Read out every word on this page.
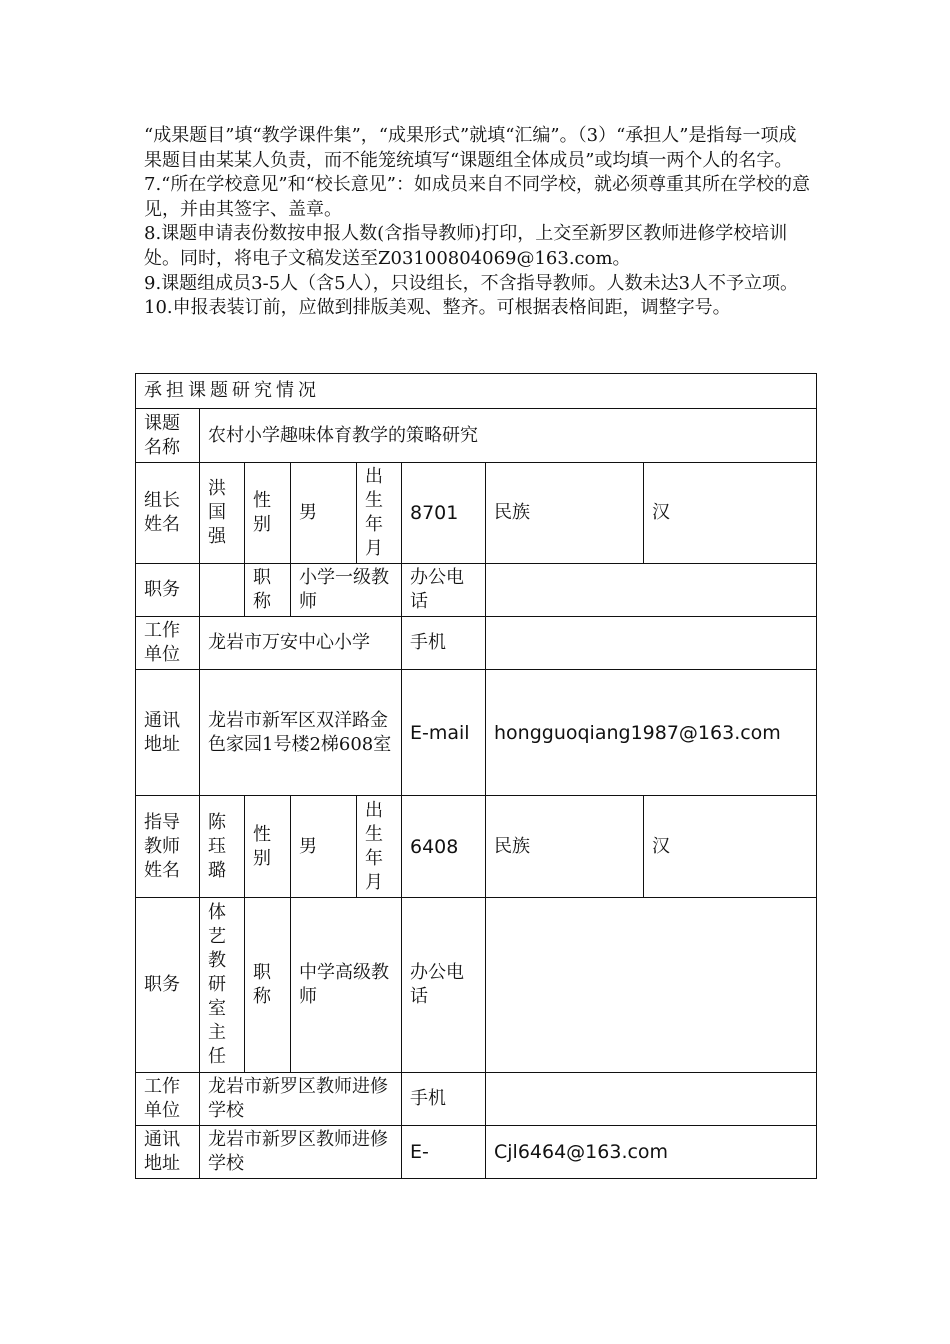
“成果题目”填“教学课件集”，“成果形式”就填“汇编”。（3）“承担人”是指每一项成果题目由某某人负责，而不能笼统填写“课题组全体成员”或均填一两个人的名字。

7.“所在学校意见”和“校长意见”：如成员来自不同学校，就必须尊重其所在学校的意见，并由其签字、盖章。

8.课题申请表份数按申报人数(含指导教师)打印，上交至新罗区教师进修学校培训处。同时，将电子文稿发送至Z03100804069@163.com。

9.课题组成员3-5人（含5人），只设组长，不含指导教师。人数未达3人不予立项。

10.申报表装订前，应做到排版美观、整齐。可根据表格间距，调整字号。

承担课题研究情况							
课题名称	农村小学趣味体育教学的策略研究						
组长姓名	洪国强	性别	男	出生年月	8701	民族	汉
职务		职称	小学一级教师		办公电话		
工作单位	龙岩市万安中心小学				手机		
通讯地址	龙岩市新军区双洋路金色家园1号楼2梯608室				E-mail	hongguoqiang1987@163.com	
指导教师姓名	陈珏璐	性别	男	出生年月	6408	民族	汉
职务	体艺教研室主任	职称	中学高级教师		办公电话		
工作单位	龙岩市新罗区教师进修学校				手机		
通讯地址	龙岩市新罗区教师进修学校				E-	Cjl6464@163.com	
